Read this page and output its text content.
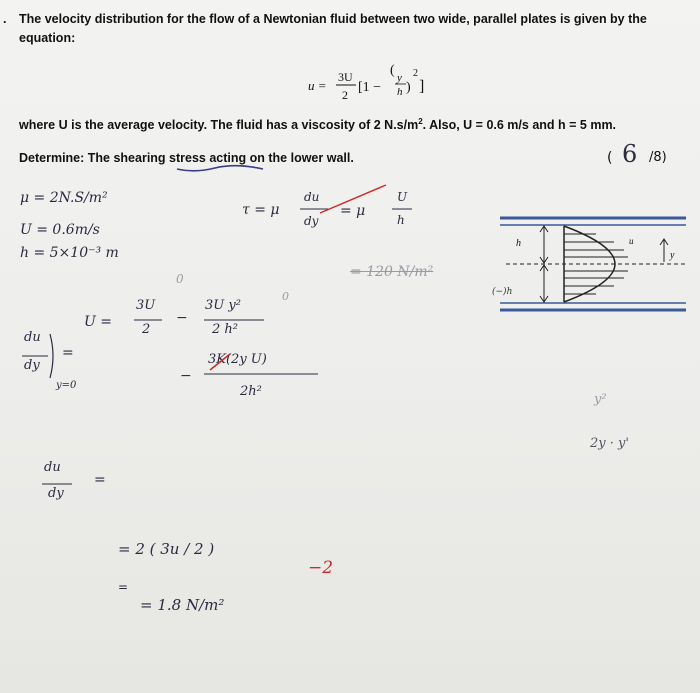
. The velocity distribution for the flow of a Newtonian fluid between two wide, parallel plates is given by the
equation:
u =
3U
2 [1 −
( y
h )
2
]
where U is the average velocity. The fluid has a viscosity of 2 $N.s/m^2$. Also, U = 0.6 m/s and h = 5 mm.
Determine: The shearing stress acting on the lower wall.	( 6 /8)
h
(−)h
u
y
μ = 2N.S/m²
U = 0.6m/s
h = 5×10⁻³ m
τ = μ
du
dy
= μ
U
h
= 120 N/m²
0
0
U =
3U
2
−
3U y²
2 h²
du
dy
y=0
=
−
3K(2y U)
2h²
y²
2y · y'
du
dy
=
= 2 ( 3u / 2 )
=
= 1.8 N/m²
−2
